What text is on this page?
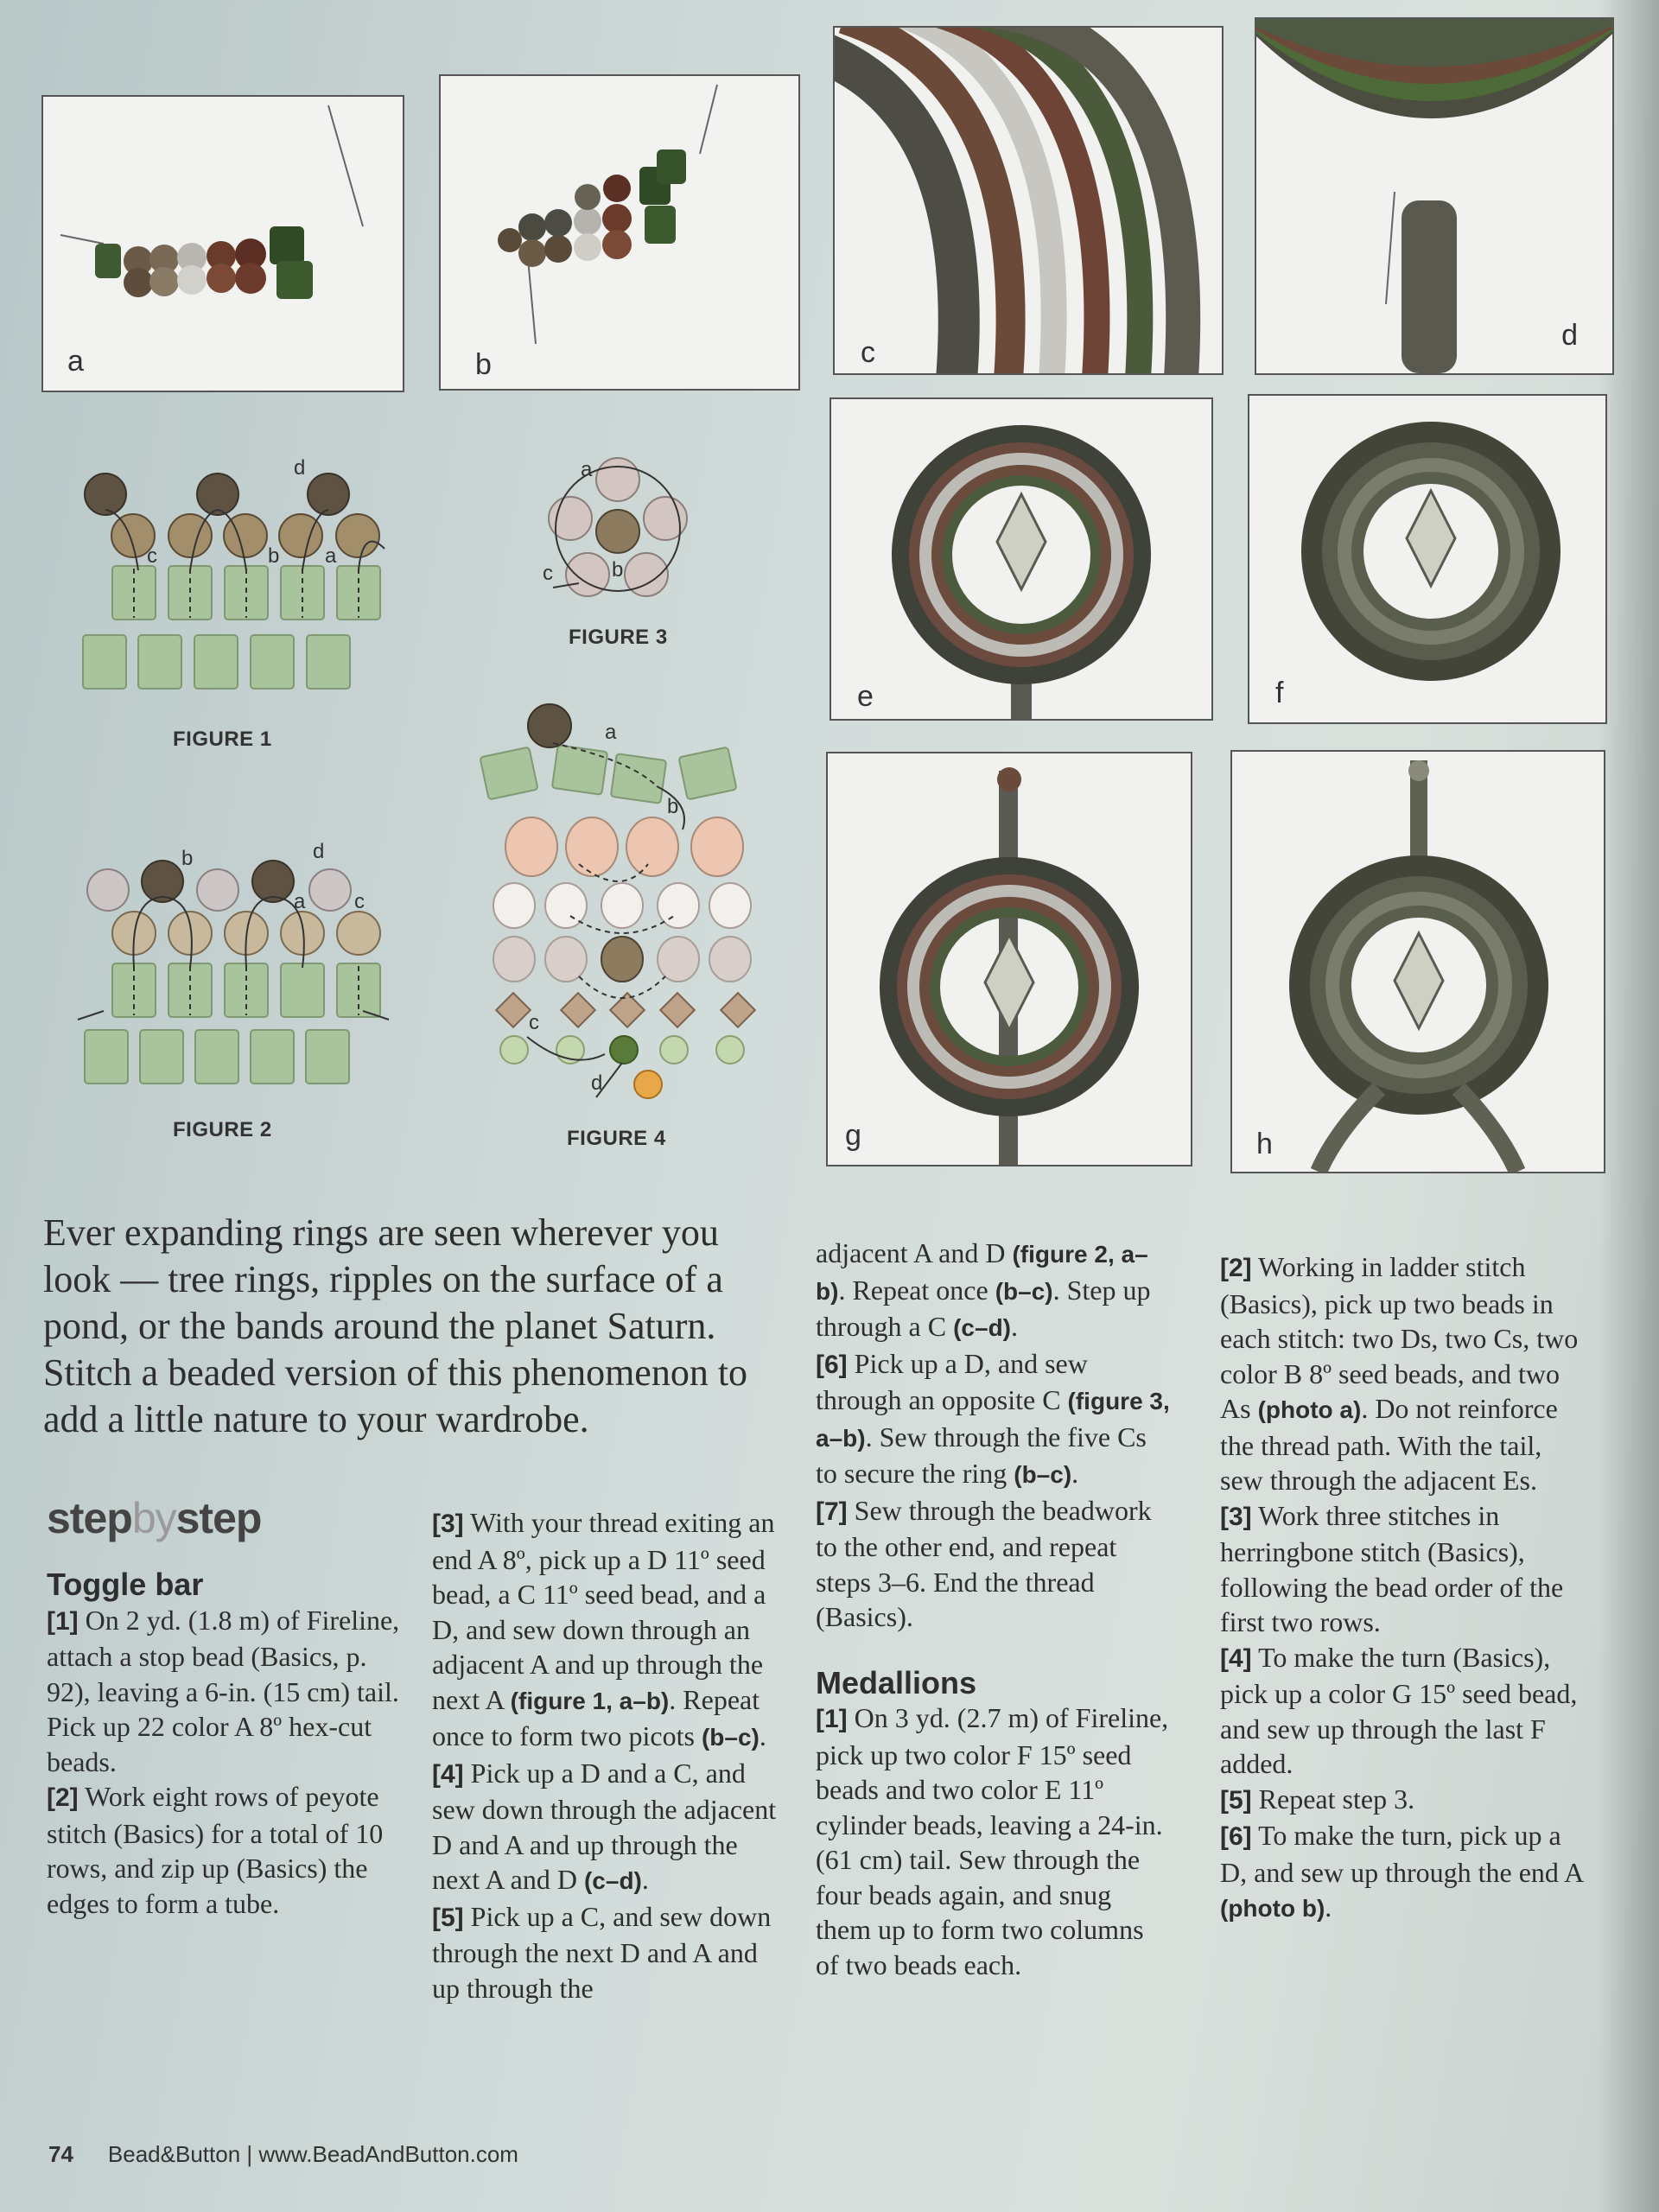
a	b	c
d
e	f
g	h
c
d
b a
FIGURE 1
b	d
a c
FIGURE 2
a
c	b
FIGURE 3
a
b
c
d
FIGURE 4
Ever expanding rings are seen wherever you look — tree rings, ripples on the surface of a pond, or the bands around the planet Saturn. Stitch a beaded version of this phenomenon to add a little nature to your wardrobe.
stepbystep
Toggle bar

[1] On 2 yd. (1.8 m) of Fireline, attach a stop bead (Basics, p. 92), leaving a 6-in. (15 cm) tail. Pick up 22 color A 8º hex-cut beads.

[2] Work eight rows of peyote stitch (Basics) for a total of 10 rows, and zip up (Basics) the edges to form a tube.

[3] With your thread exiting an end A 8º, pick up a D 11º seed bead, a C 11º seed bead, and a D, and sew down through an adjacent A and up through the next A (figure 1, a–b). Repeat once to form two picots (b–c).

[4] Pick up a D and a C, and sew down through the adjacent D and A and up through the next A and D (c–d).

[5] Pick up a C, and sew down through the next D and A and up through the

adjacent A and D (figure 2, a–b). Repeat once (b–c). Step up through a C (c–d).

[6] Pick up a D, and sew through an opposite C (figure 3, a–b). Sew through the five Cs to secure the ring (b–c).

[7] Sew through the beadwork to the other end, and repeat steps 3–6. End the thread (Basics).

Medallions

[1] On 3 yd. (2.7 m) of Fireline, pick up two color F 15º seed beads and two color E 11º cylinder beads, leaving a 24-in. (61 cm) tail. Sew through the four beads again, and snug them up to form two columns of two beads each.

[2] Working in ladder stitch (Basics), pick up two beads in each stitch: two Ds, two Cs, two color B 8º seed beads, and two As (photo a). Do not reinforce the thread path. With the tail, sew through the adjacent Es.

[3] Work three stitches in herringbone stitch (Basics), following the bead order of the first two rows.

[4] To make the turn (Basics), pick up a color G 15º seed bead, and sew up through the last F added.

[5] Repeat step 3.

[6] To make the turn, pick up a D, and sew up through the end A (photo b).

74 Bead&Button | www.BeadAndButton.com
